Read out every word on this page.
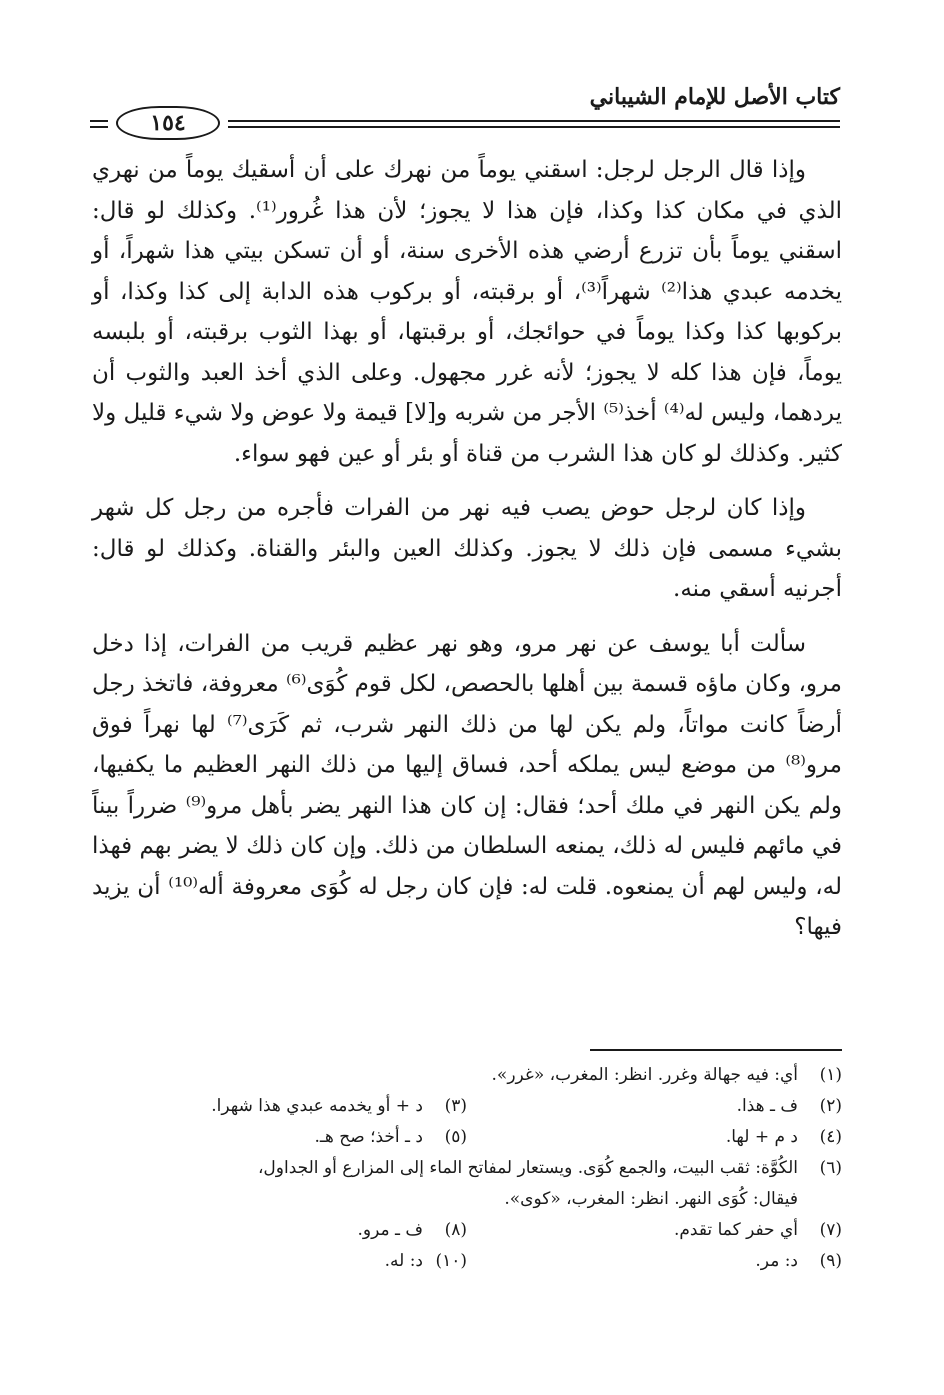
كتاب الأصل للإمام الشيباني
١٥٤

وإذا قال الرجل لرجل: اسقني يوماً من نهرك على أن أسقيك يوماً من نهري الذي في مكان كذا وكذا، فإن هذا لا يجوز؛ لأن هذا غُرور⁽¹⁾. وكذلك لو قال: اسقني يوماً بأن تزرع أرضي هذه الأخرى سنة، أو أن تسكن بيتي هذا شهراً، أو يخدمه عبدي هذا⁽²⁾ شهراً⁽³⁾، أو برقبته، أو بركوب هذه الدابة إلى كذا وكذا، أو بركوبها كذا وكذا يوماً في حوائجك، أو برقبتها، أو بهذا الثوب برقبته، أو بلبسه يوماً، فإن هذا كله لا يجوز؛ لأنه غرر مجهول. وعلى الذي أخذ العبد والثوب أن يردهما، وليس له⁽⁴⁾ أخذ⁽⁵⁾ الأجر من شربه و[لا] قيمة ولا عوض ولا شيء قليل ولا كثير. وكذلك لو كان هذا الشرب من قناة أو بئر أو عين فهو سواء.

وإذا كان لرجل حوض يصب فيه نهر من الفرات فأجره من رجل كل شهر بشيء مسمى فإن ذلك لا يجوز. وكذلك العين والبئر والقناة. وكذلك لو قال: أجرنيه أسقي منه.

سألت أبا يوسف عن نهر مرو، وهو نهر عظيم قريب من الفرات، إذا دخل مرو، وكان ماؤه قسمة بين أهلها بالحصص، لكل قوم كُوَى⁽⁶⁾ معروفة، فاتخذ رجل أرضاً كانت مواتاً، ولم يكن لها من ذلك النهر شرب، ثم كَرَى⁽⁷⁾ لها نهراً فوق مرو⁽⁸⁾ من موضع ليس يملكه أحد، فساق إليها من ذلك النهر العظيم ما يكفيها، ولم يكن النهر في ملك أحد؛ فقال: إن كان هذا النهر يضر بأهل مرو⁽⁹⁾ ضرراً بيناً في مائهم فليس له ذلك، يمنعه السلطان من ذلك. وإن كان ذلك لا يضر بهم فهذا له، وليس لهم أن يمنعوه. قلت له: فإن كان رجل له كُوَى معروفة أله⁽¹⁰⁾ أن يزيد فيها؟

(١)
أي: فيه جهالة وغرر. انظر: المغرب، «غرر».
(٢)
ف ـ هذا.
(٣)
د + أو يخدمه عبدي هذا شهرا.
(٤)
د م + لها.
(٥)
د ـ أخذ؛ صح هـ.
(٦)
الكُوَّة: ثقب البيت، والجمع كُوَى. ويستعار لمفاتح الماء إلى المزارع أو الجداول،
فيقال: كُوَى النهر. انظر: المغرب، «كوى».
(٧)
أي حفر كما تقدم.
(٨)
ف ـ مرو.
(٩)
د: مر.
(١٠)
د: له.
